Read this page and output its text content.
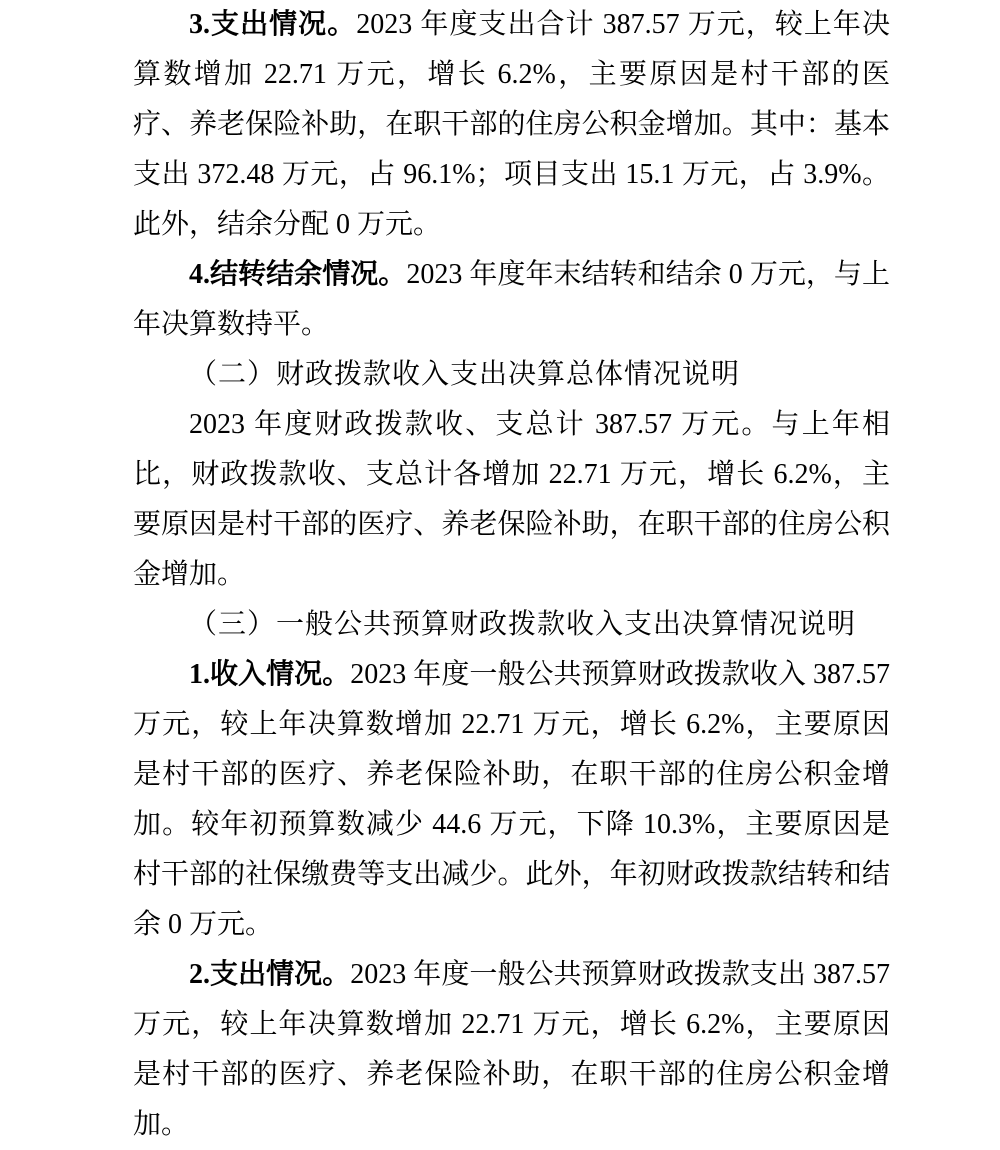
3.支出情况。2023 年度支出合计 387.57 万元，较上年决算数增加 22.71 万元，增长 6.2%，主要原因是村干部的医疗、养老保险补助，在职干部的住房公积金增加。其中：基本支出 372.48 万元，占 96.1%；项目支出 15.1 万元，占 3.9%。此外，结余分配 0 万元。

4.结转结余情况。2023 年度年末结转和结余 0 万元，与上年决算数持平。

（二）财政拨款收入支出决算总体情况说明

2023 年度财政拨款收、支总计 387.57 万元。与上年相比，财政拨款收、支总计各增加 22.71 万元，增长 6.2%，主要原因是村干部的医疗、养老保险补助，在职干部的住房公积金增加。

（三）一般公共预算财政拨款收入支出决算情况说明

1.收入情况。2023 年度一般公共预算财政拨款收入 387.57 万元，较上年决算数增加 22.71 万元，增长 6.2%，主要原因是村干部的医疗、养老保险补助，在职干部的住房公积金增加。较年初预算数减少 44.6 万元，下降 10.3%，主要原因是村干部的社保缴费等支出减少。此外，年初财政拨款结转和结余 0 万元。

2.支出情况。2023 年度一般公共预算财政拨款支出 387.57 万元，较上年决算数增加 22.71 万元，增长 6.2%，主要原因是村干部的医疗、养老保险补助，在职干部的住房公积金增加。
